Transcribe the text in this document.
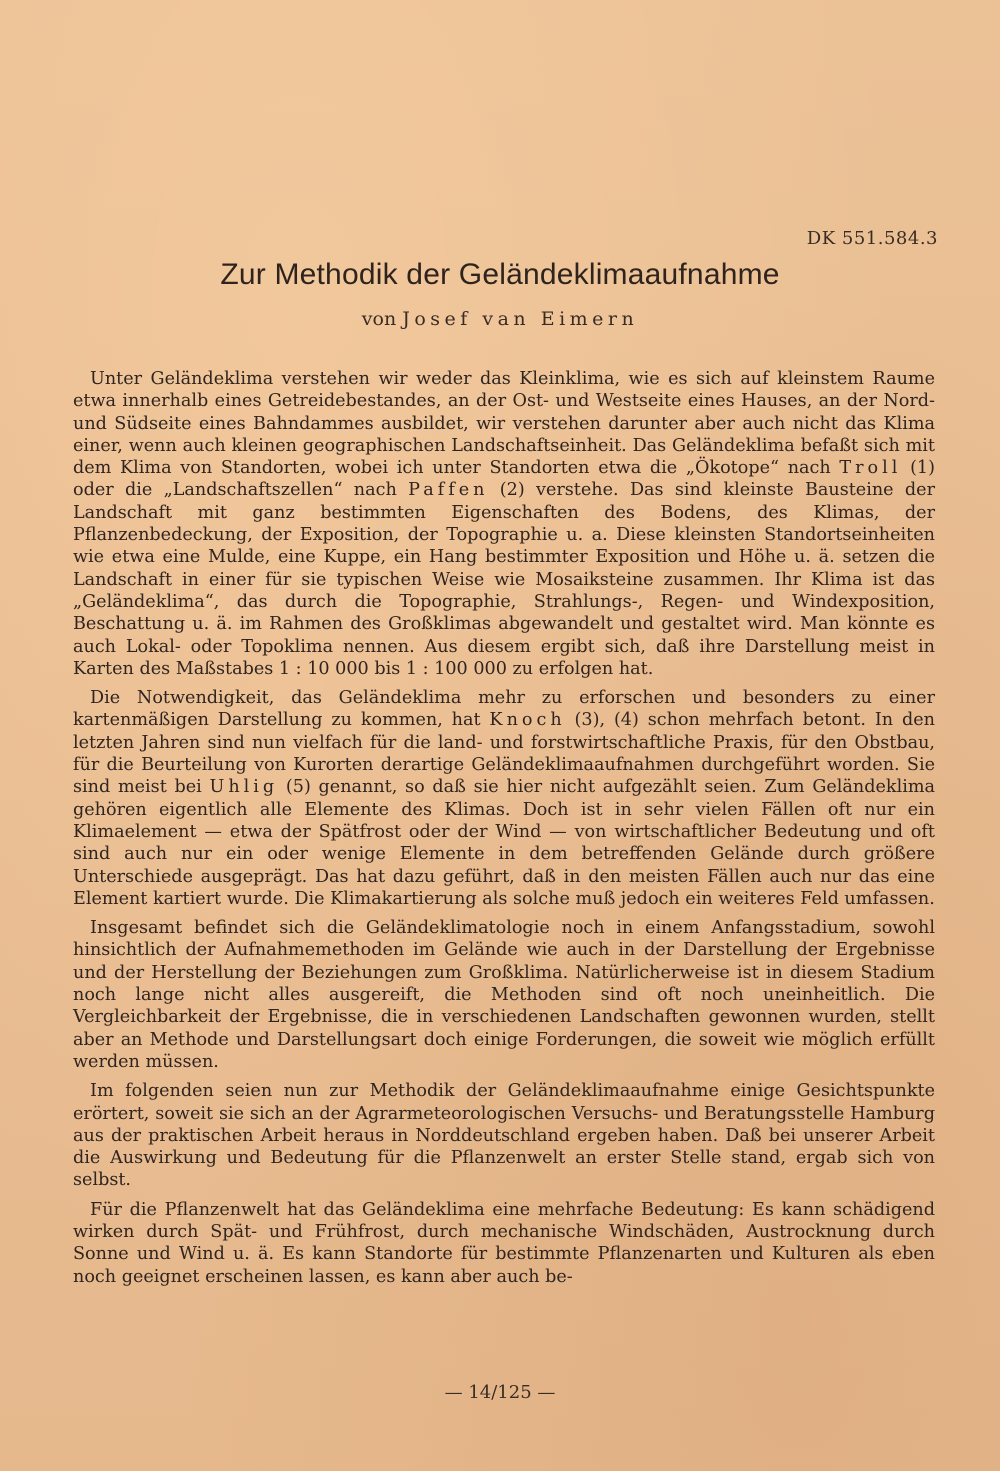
DK 551.584.3
Zur Methodik der Geländeklimaaufnahme
von Josef van Eimern

Unter Geländeklima verstehen wir weder das Kleinklima, wie es sich auf kleinstem Raume etwa innerhalb eines Getreidebestandes, an der Ost- und Westseite eines Hauses, an der Nord- und Südseite eines Bahndammes ausbildet, wir verstehen darunter aber auch nicht das Klima einer, wenn auch kleinen geographischen Landschaftseinheit. Das Geländeklima befaßt sich mit dem Klima von Standorten, wobei ich unter Standorten etwa die „Ökotope“ nach Troll (1) oder die „Landschaftszellen“ nach Paffen (2) verstehe. Das sind kleinste Bausteine der Landschaft mit ganz bestimmten Eigenschaften des Bodens, des Klimas, der Pflanzenbedeckung, der Exposition, der Topographie u. a. Diese kleinsten Standortseinheiten wie etwa eine Mulde, eine Kuppe, ein Hang bestimmter Exposition und Höhe u. ä. setzen die Landschaft in einer für sie typischen Weise wie Mosaiksteine zusammen. Ihr Klima ist das „Geländeklima“, das durch die Topographie, Strahlungs-, Regen- und Windexposition, Beschattung u. ä. im Rahmen des Großklimas abgewandelt und gestaltet wird. Man könnte es auch Lokal- oder Topoklima nennen. Aus diesem ergibt sich, daß ihre Darstellung meist in Karten des Maßstabes 1 : 10 000 bis 1 : 100 000 zu erfolgen hat.

Die Notwendigkeit, das Geländeklima mehr zu erforschen und besonders zu einer kartenmäßigen Darstellung zu kommen, hat Knoch (3), (4) schon mehrfach betont. In den letzten Jahren sind nun vielfach für die land- und forstwirtschaftliche Praxis, für den Obstbau, für die Beurteilung von Kurorten derartige Geländeklimaaufnahmen durchgeführt worden. Sie sind meist bei Uhlig (5) genannt, so daß sie hier nicht aufgezählt seien. Zum Geländeklima gehören eigentlich alle Elemente des Klimas. Doch ist in sehr vielen Fällen oft nur ein Klimaelement — etwa der Spätfrost oder der Wind — von wirtschaftlicher Bedeutung und oft sind auch nur ein oder wenige Elemente in dem betreffenden Gelände durch größere Unterschiede ausgeprägt. Das hat dazu geführt, daß in den meisten Fällen auch nur das eine Element kartiert wurde. Die Klimakartierung als solche muß jedoch ein weiteres Feld umfassen.

Insgesamt befindet sich die Geländeklimatologie noch in einem Anfangsstadium, sowohl hinsichtlich der Aufnahmemethoden im Gelände wie auch in der Darstellung der Ergebnisse und der Herstellung der Beziehungen zum Großklima. Natürlicherweise ist in diesem Stadium noch lange nicht alles ausgereift, die Methoden sind oft noch uneinheitlich. Die Vergleichbarkeit der Ergebnisse, die in verschiedenen Landschaften gewonnen wurden, stellt aber an Methode und Darstellungsart doch einige Forderungen, die soweit wie möglich erfüllt werden müssen.

Im folgenden seien nun zur Methodik der Geländeklimaaufnahme einige Gesichtspunkte erörtert, soweit sie sich an der Agrarmeteorologischen Versuchs- und Beratungsstelle Hamburg aus der praktischen Arbeit heraus in Norddeutschland ergeben haben. Daß bei unserer Arbeit die Auswirkung und Bedeutung für die Pflanzenwelt an erster Stelle stand, ergab sich von selbst.

Für die Pflanzenwelt hat das Geländeklima eine mehrfache Bedeutung: Es kann schädigend wirken durch Spät- und Frühfrost, durch mechanische Windschäden, Austrocknung durch Sonne und Wind u. ä. Es kann Standorte für bestimmte Pflanzenarten und Kulturen als eben noch geeignet erscheinen lassen, es kann aber auch be-

— 14/125 —
